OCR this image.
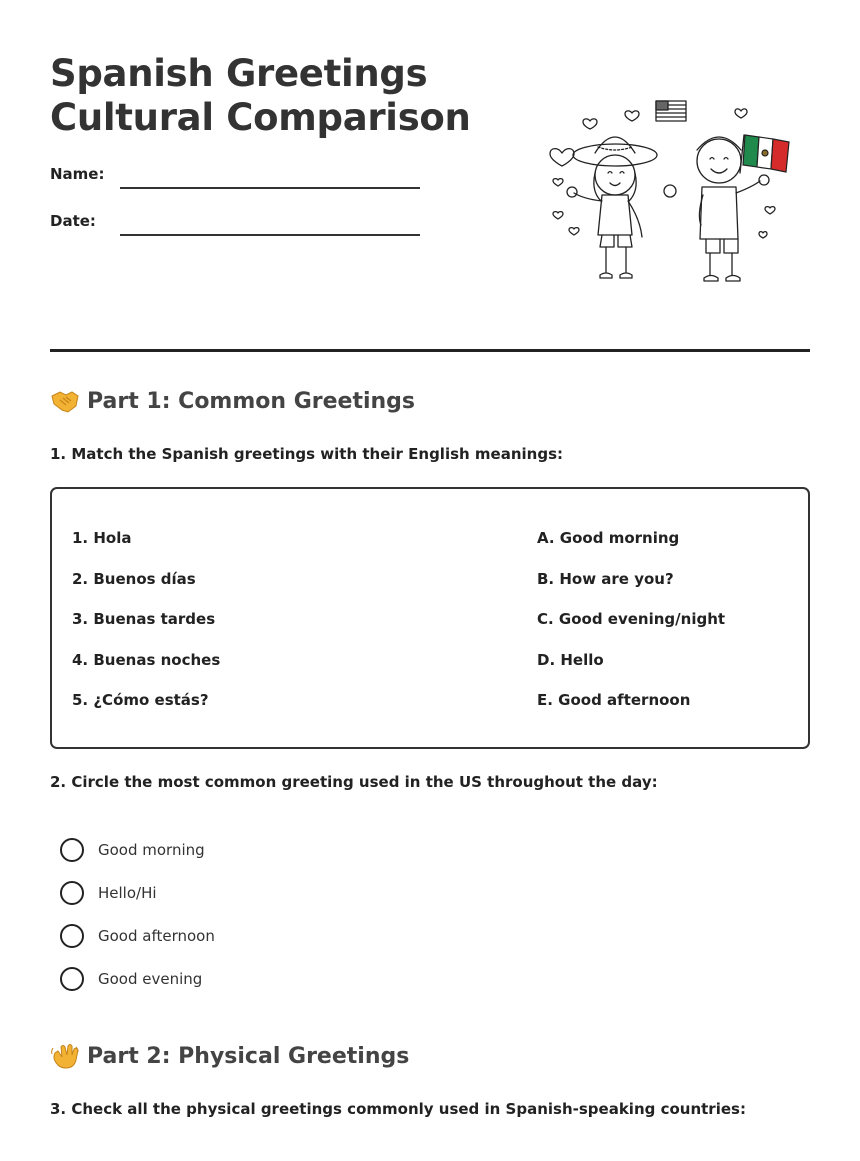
Spanish Greetings
Cultural Comparison
Name:
Date:
Part 1: Common Greetings
1. Match the Spanish greetings with their English meanings:
1. Hola
2. Buenos días
3. Buenas tardes
4. Buenas noches
5. ¿Cómo estás?
A. Good morning
B. How are you?
C. Good evening/night
D. Hello
E. Good afternoon
2. Circle the most common greeting used in the US throughout the day:
Good morning
Hello/Hi
Good afternoon
Good evening
Part 2: Physical Greetings
3. Check all the physical greetings commonly used in Spanish-speaking countries:
